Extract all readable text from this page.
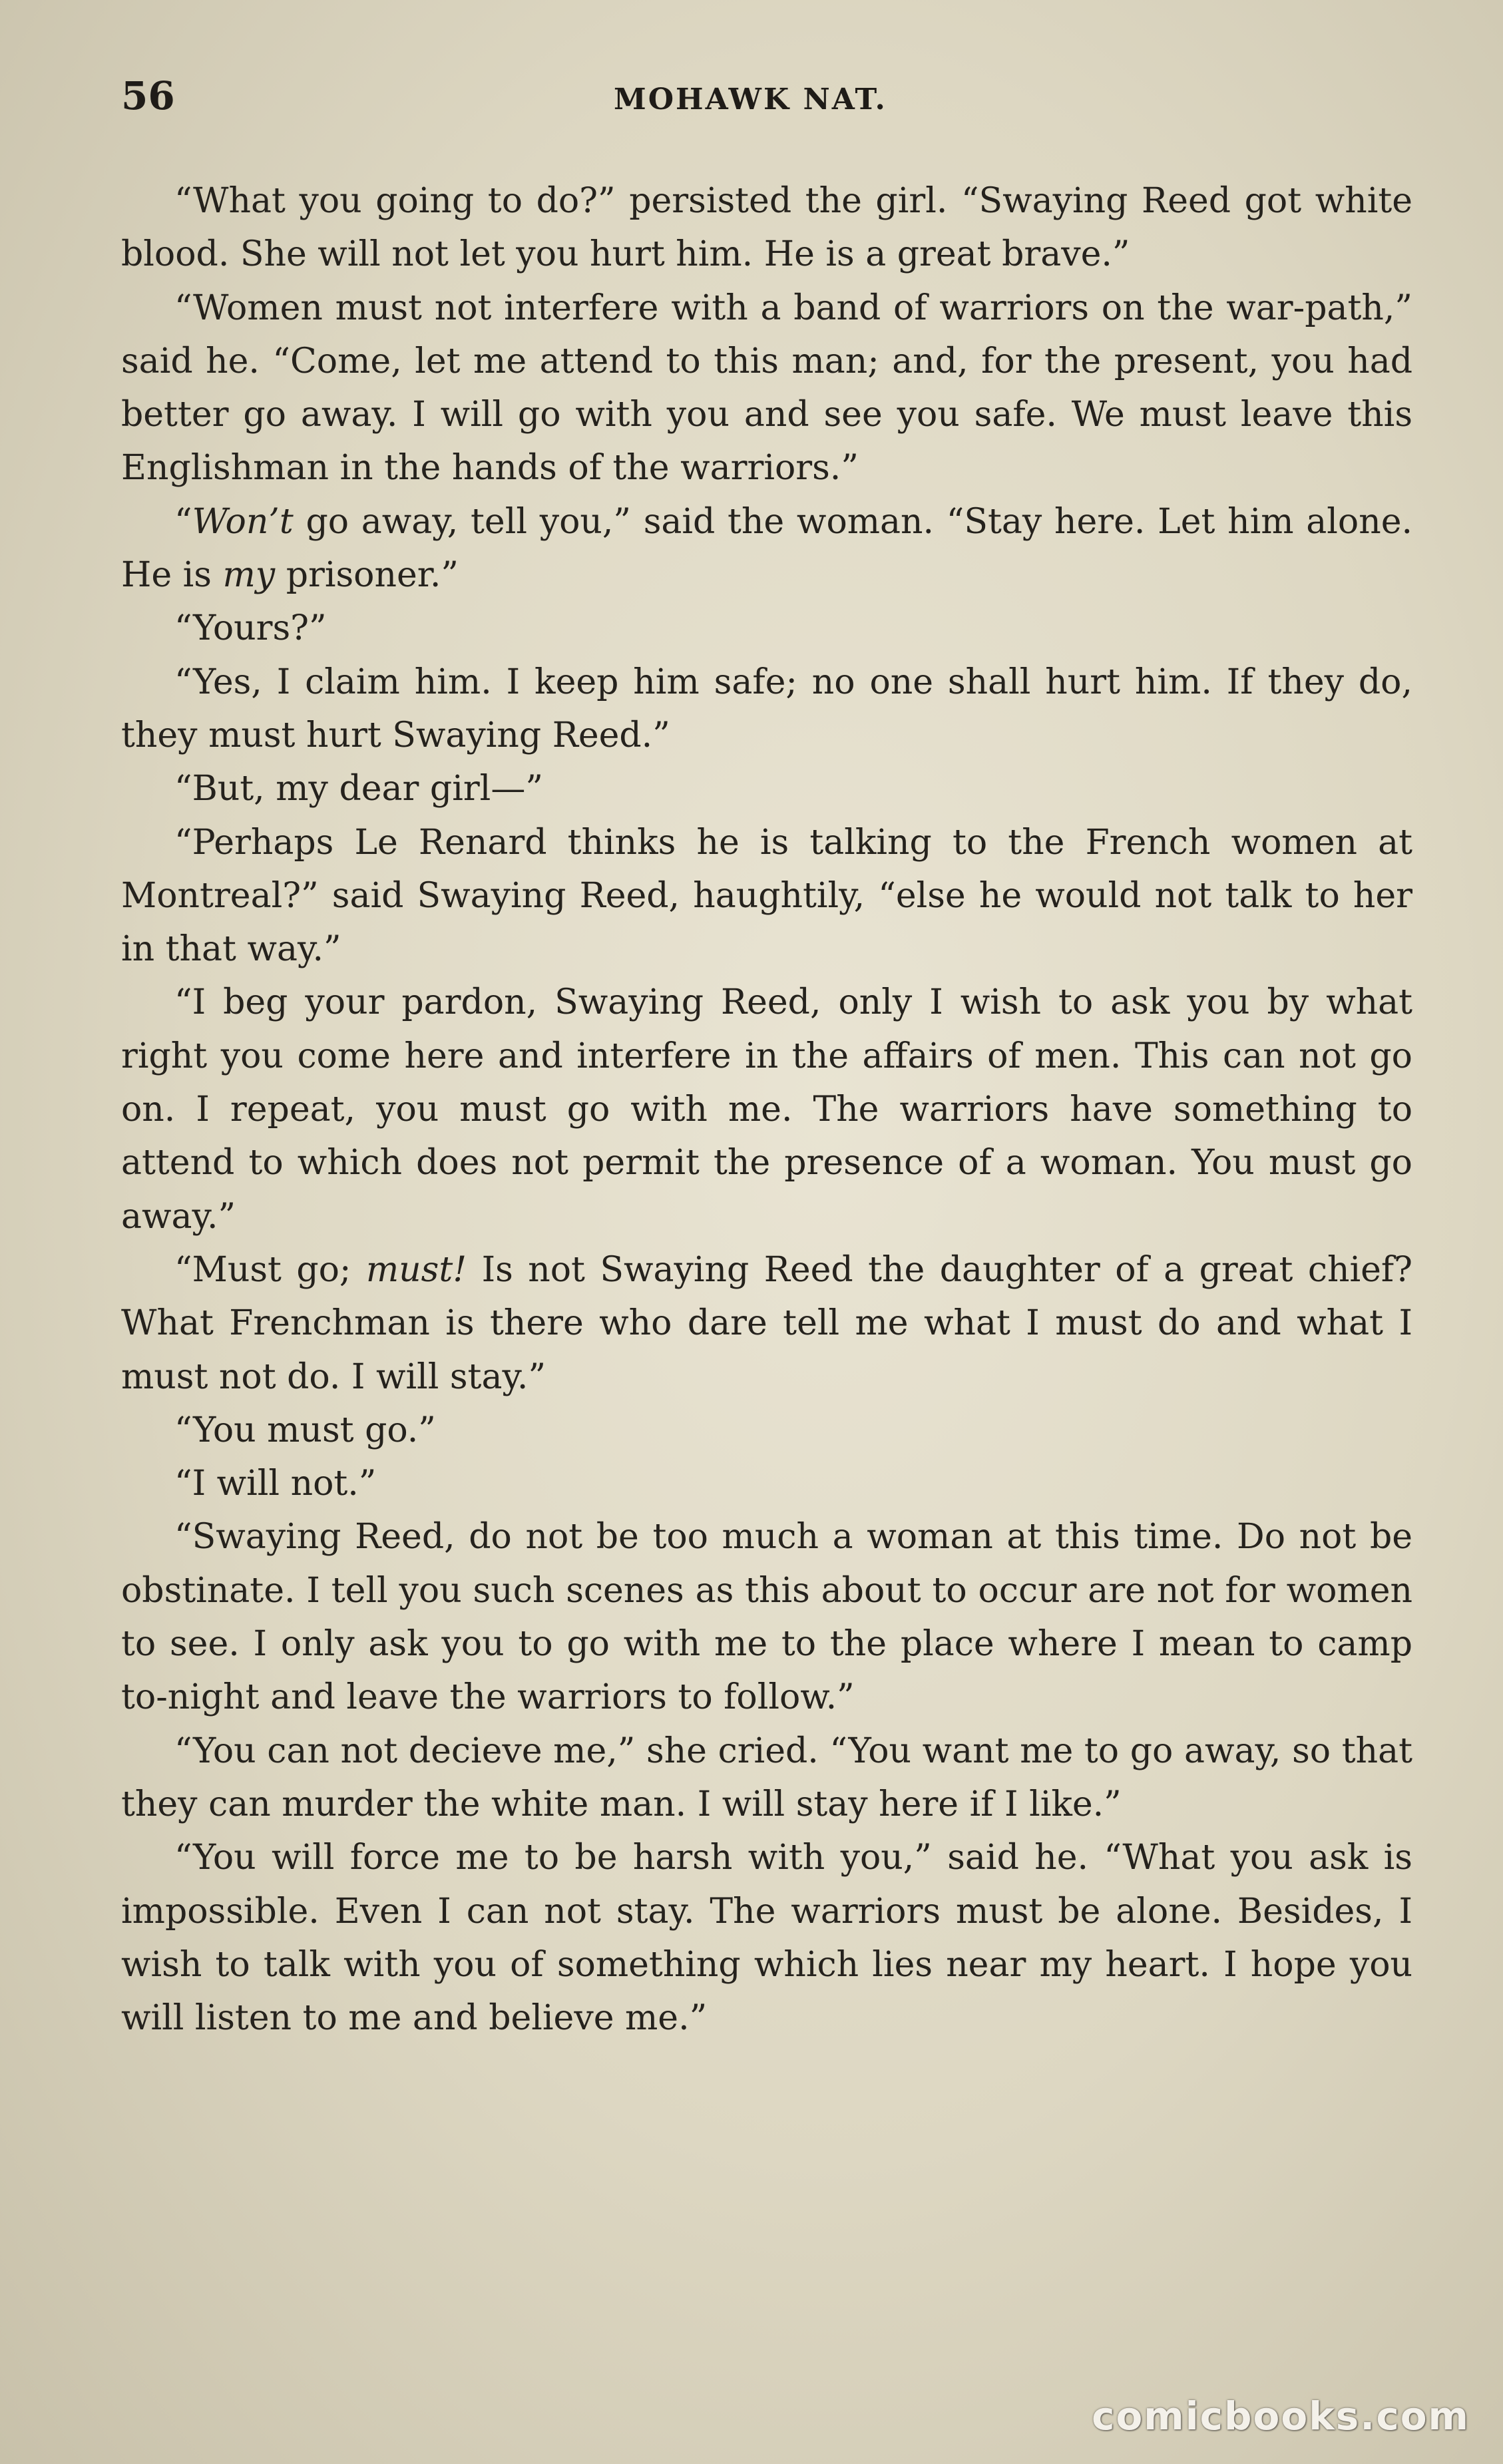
56	MOHAWK NAT.

“What you going to do?” persisted the girl. “Swaying Reed got white blood. She will not let you hurt him. He is a great brave.”

“Women must not interfere with a band of warriors on the war-path,” said he. “Come, let me attend to this man; and, for the present, you had better go away. I will go with you and see you safe. We must leave this Englishman in the hands of the warriors.”

“Won’t go away, tell you,” said the woman. “Stay here. Let him alone. He is my prisoner.”

“Yours?”

“Yes, I claim him. I keep him safe; no one shall hurt him. If they do, they must hurt Swaying Reed.”

“But, my dear girl—”

“Perhaps Le Renard thinks he is talking to the French women at Montreal?” said Swaying Reed, haughtily, “else he would not talk to her in that way.”

“I beg your pardon, Swaying Reed, only I wish to ask you by what right you come here and interfere in the affairs of men. This can not go on. I repeat, you must go with me. The warriors have something to attend to which does not permit the presence of a woman. You must go away.”

“Must go; must! Is not Swaying Reed the daughter of a great chief? What Frenchman is there who dare tell me what I must do and what I must not do. I will stay.”

“You must go.”

“I will not.”

“Swaying Reed, do not be too much a woman at this time. Do not be obstinate. I tell you such scenes as this about to occur are not for women to see. I only ask you to go with me to the place where I mean to camp to-night and leave the warriors to follow.”

“You can not decieve me,” she cried. “You want me to go away, so that they can murder the white man. I will stay here if I like.”

“You will force me to be harsh with you,” said he. “What you ask is impossible. Even I can not stay. The warriors must be alone. Besides, I wish to talk with you of something which lies near my heart. I hope you will listen to me and believe me.”

comicbooks.com
